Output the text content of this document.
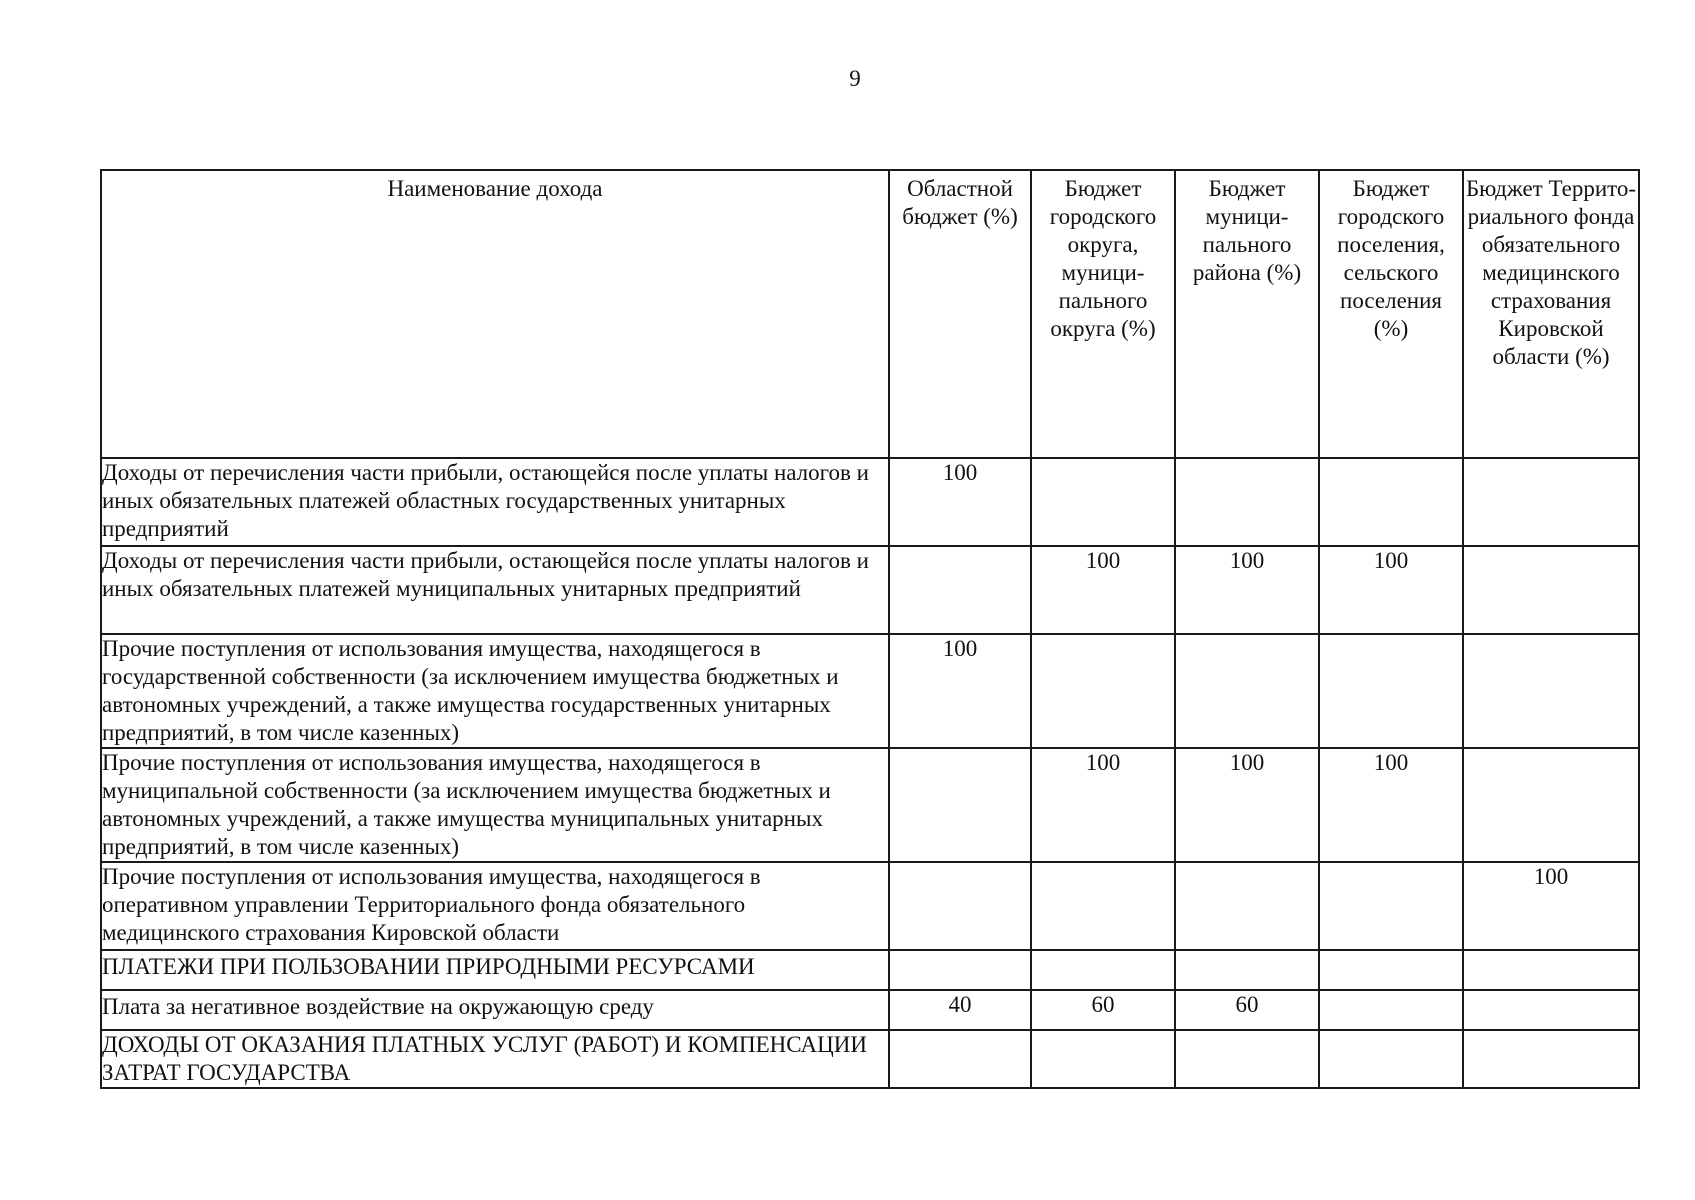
9
Наименование дохода	Областной бюджет (%)	Бюджет городского округа, муници-пального округа (%)	Бюджет муници-пального района (%)	Бюджет городского поселения, сельского поселения (%)	Бюджет Террито-риального фонда обязательного медицинского страхования Кировской области (%)
Доходы от перечисления части прибыли, остающейся после уплаты налогов и иных обязательных платежей областных государственных унитарных предприятий	100				
Доходы от перечисления части прибыли, остающейся после уплаты налогов и иных обязательных платежей муниципальных унитарных предприятий		100	100	100	
Прочие поступления от использования имущества, находящегося в государственной собственности (за исключением имущества бюджетных и автономных учреждений, а также имущества государственных унитарных предприятий, в том числе казенных)	100				
Прочие поступления от использования имущества, находящегося в муниципальной собственности (за исключением имущества бюджетных и автономных учреждений, а также имущества муниципальных унитарных предприятий, в том числе казенных)		100	100	100	
Прочие поступления от использования имущества, находящегося в оперативном управлении Территориального фонда обязательного медицинского страхования Кировской области					100
ПЛАТЕЖИ ПРИ ПОЛЬЗОВАНИИ ПРИРОДНЫМИ РЕСУРСАМИ					
Плата за негативное воздействие на окружающую среду	40	60	60		
ДОХОДЫ ОТ ОКАЗАНИЯ ПЛАТНЫХ УСЛУГ (РАБОТ) И КОМПЕНСАЦИИ ЗАТРАТ ГОСУДАРСТВА					
